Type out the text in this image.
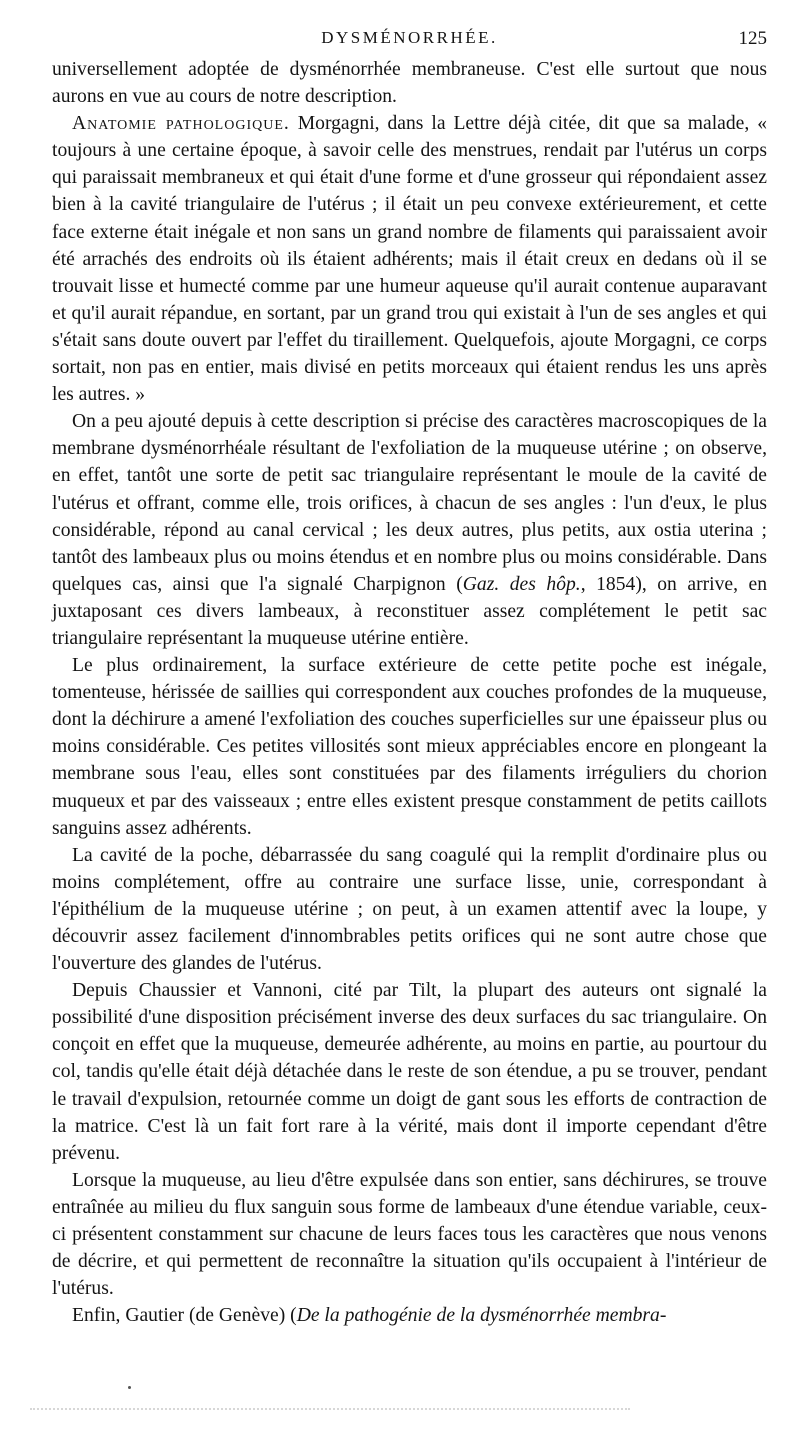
DYSMÉNORRHÉE.	125

universellement adoptée de dysménorrhée membraneuse. C'est elle surtout que nous aurons en vue au cours de notre description.

Anatomie pathologique. Morgagni, dans la Lettre déjà citée, dit que sa malade, « toujours à une certaine époque, à savoir celle des menstrues, rendait par l'utérus un corps qui paraissait membraneux et qui était d'une forme et d'une grosseur qui répondaient assez bien à la cavité triangulaire de l'utérus ; il était un peu convexe extérieurement, et cette face externe était inégale et non sans un grand nombre de filaments qui paraissaient avoir été arrachés des endroits où ils étaient adhérents; mais il était creux en dedans où il se trouvait lisse et humecté comme par une humeur aqueuse qu'il aurait contenue auparavant et qu'il aurait répandue, en sortant, par un grand trou qui existait à l'un de ses angles et qui s'était sans doute ouvert par l'effet du tiraillement. Quelquefois, ajoute Morgagni, ce corps sortait, non pas en entier, mais divisé en petits morceaux qui étaient rendus les uns après les autres. »

On a peu ajouté depuis à cette description si précise des caractères macroscopiques de la membrane dysménorrhéale résultant de l'exfoliation de la muqueuse utérine ; on observe, en effet, tantôt une sorte de petit sac triangulaire représentant le moule de la cavité de l'utérus et offrant, comme elle, trois orifices, à chacun de ses angles : l'un d'eux, le plus considérable, répond au canal cervical ; les deux autres, plus petits, aux ostia uterina ; tantôt des lambeaux plus ou moins étendus et en nombre plus ou moins considérable. Dans quelques cas, ainsi que l'a signalé Charpignon (Gaz. des hôp., 1854), on arrive, en juxtaposant ces divers lambeaux, à reconstituer assez complétement le petit sac triangulaire représentant la muqueuse utérine entière.

Le plus ordinairement, la surface extérieure de cette petite poche est inégale, tomenteuse, hérissée de saillies qui correspondent aux couches profondes de la muqueuse, dont la déchirure a amené l'exfoliation des couches superficielles sur une épaisseur plus ou moins considérable. Ces petites villosités sont mieux appréciables encore en plongeant la membrane sous l'eau, elles sont constituées par des filaments irréguliers du chorion muqueux et par des vaisseaux ; entre elles existent presque constamment de petits caillots sanguins assez adhérents.

La cavité de la poche, débarrassée du sang coagulé qui la remplit d'ordinaire plus ou moins complétement, offre au contraire une surface lisse, unie, correspondant à l'épithélium de la muqueuse utérine ; on peut, à un examen attentif avec la loupe, y découvrir assez facilement d'innombrables petits orifices qui ne sont autre chose que l'ouverture des glandes de l'utérus.

Depuis Chaussier et Vannoni, cité par Tilt, la plupart des auteurs ont signalé la possibilité d'une disposition précisément inverse des deux surfaces du sac triangulaire. On conçoit en effet que la muqueuse, demeurée adhérente, au moins en partie, au pourtour du col, tandis qu'elle était déjà détachée dans le reste de son étendue, a pu se trouver, pendant le travail d'expulsion, retournée comme un doigt de gant sous les efforts de contraction de la matrice. C'est là un fait fort rare à la vérité, mais dont il importe cependant d'être prévenu.

Lorsque la muqueuse, au lieu d'être expulsée dans son entier, sans déchirures, se trouve entraînée au milieu du flux sanguin sous forme de lambeaux d'une étendue variable, ceux-ci présentent constamment sur chacune de leurs faces tous les caractères que nous venons de décrire, et qui permettent de reconnaître la situation qu'ils occupaient à l'intérieur de l'utérus.

Enfin, Gautier (de Genève) (De la pathogénie de la dysménorrhée membra-
